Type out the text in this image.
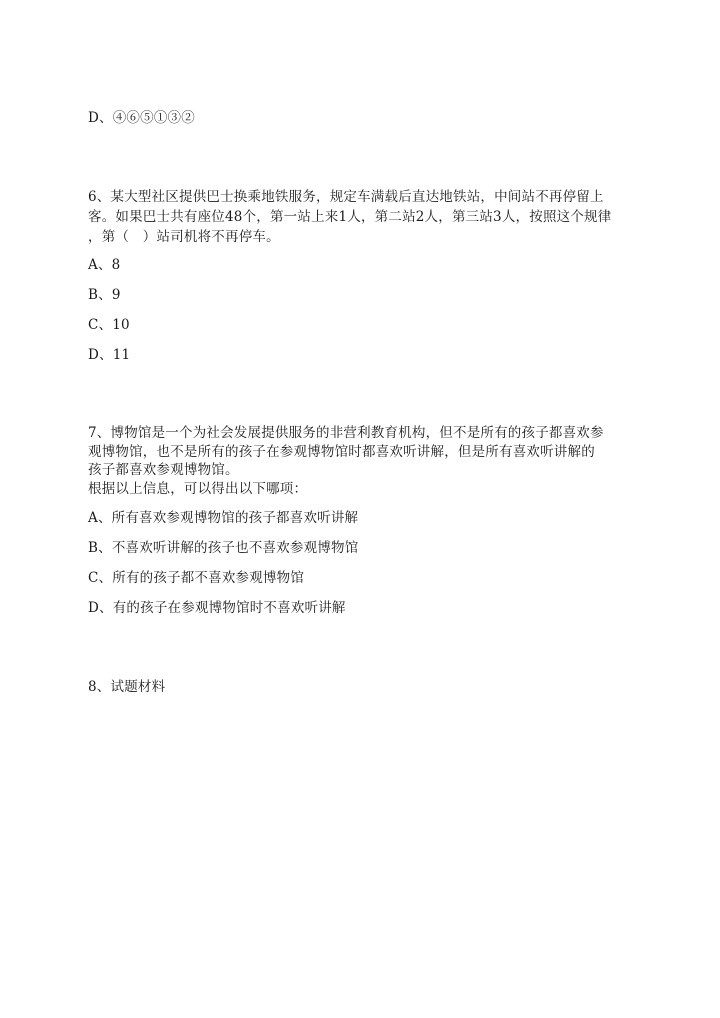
D、④⑥⑤①③②
6、某大型社区提供巴士换乘地铁服务，规定车满载后直达地铁站，中间站不再停留上
客。如果巴士共有座位48个，第一站上来1人，第二站2人，第三站3人，按照这个规律
，第（　）站司机将不再停车。
A、8
B、9
C、10
D、11
7、博物馆是一个为社会发展提供服务的非营利教育机构，但不是所有的孩子都喜欢参
观博物馆，也不是所有的孩子在参观博物馆时都喜欢听讲解，但是所有喜欢听讲解的
孩子都喜欢参观博物馆。
根据以上信息，可以得出以下哪项：
A、所有喜欢参观博物馆的孩子都喜欢听讲解
B、不喜欢听讲解的孩子也不喜欢参观博物馆
C、所有的孩子都不喜欢参观博物馆
D、有的孩子在参观博物馆时不喜欢听讲解
8、试题材料
